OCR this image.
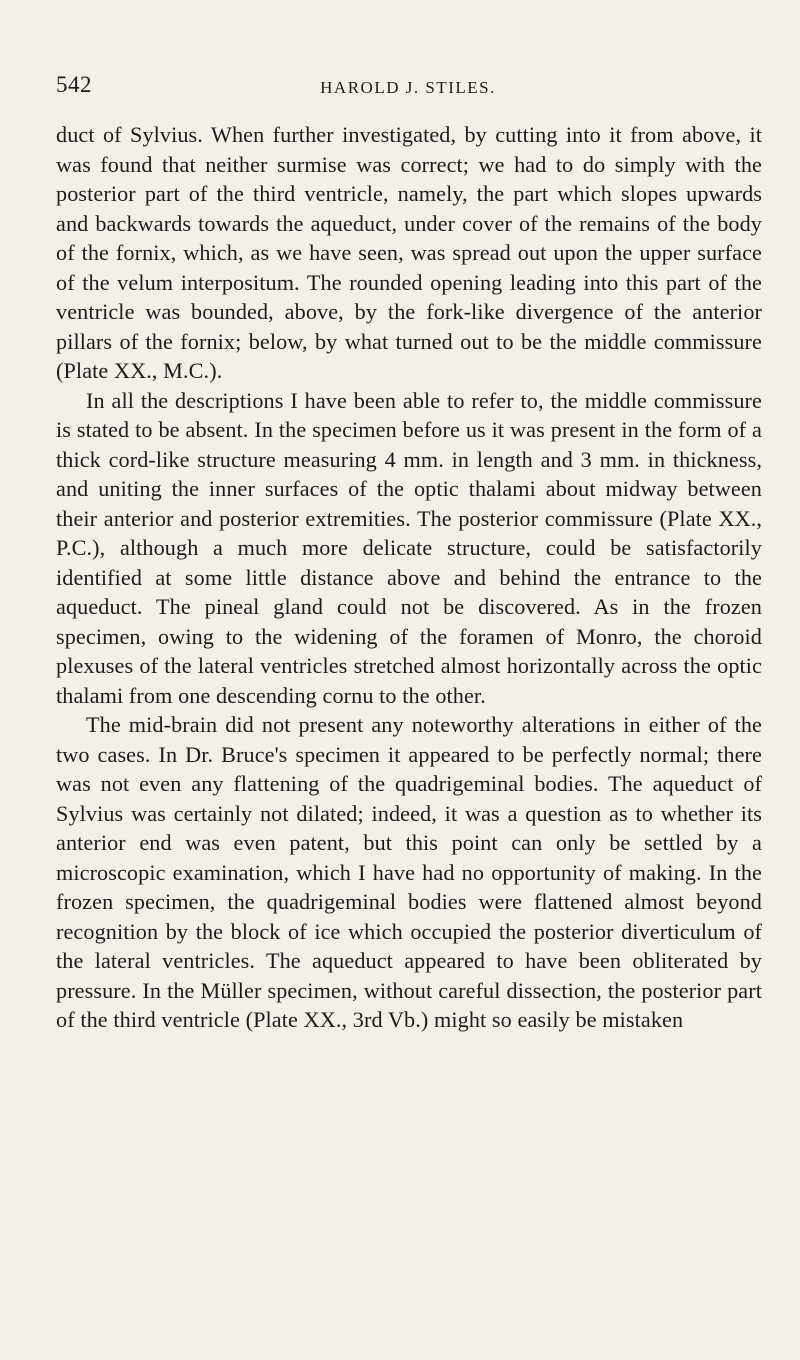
542	HAROLD J. STILES.

duct of Sylvius. When further investigated, by cutting into it from above, it was found that neither surmise was correct; we had to do simply with the posterior part of the third ventricle, namely, the part which slopes upwards and backwards towards the aqueduct, under cover of the remains of the body of the fornix, which, as we have seen, was spread out upon the upper surface of the velum interpositum. The rounded opening leading into this part of the ventricle was bounded, above, by the fork-like divergence of the anterior pillars of the fornix; below, by what turned out to be the middle commissure (Plate XX., M.C.).

In all the descriptions I have been able to refer to, the middle commissure is stated to be absent. In the specimen before us it was present in the form of a thick cord-like structure measuring 4 mm. in length and 3 mm. in thickness, and uniting the inner surfaces of the optic thalami about midway between their anterior and posterior extremities. The posterior commissure (Plate XX., P.C.), although a much more delicate structure, could be satisfactorily identified at some little distance above and behind the entrance to the aqueduct. The pineal gland could not be discovered. As in the frozen specimen, owing to the widening of the foramen of Monro, the choroid plexuses of the lateral ventricles stretched almost horizontally across the optic thalami from one descending cornu to the other.

The mid-brain did not present any noteworthy alterations in either of the two cases. In Dr. Bruce's specimen it appeared to be perfectly normal; there was not even any flattening of the quadrigeminal bodies. The aqueduct of Sylvius was certainly not dilated; indeed, it was a question as to whether its anterior end was even patent, but this point can only be settled by a microscopic examination, which I have had no opportunity of making. In the frozen specimen, the quadrigeminal bodies were flattened almost beyond recognition by the block of ice which occupied the posterior diverticulum of the lateral ventricles. The aqueduct appeared to have been obliterated by pressure. In the Müller specimen, without careful dissection, the posterior part of the third ventricle (Plate XX., 3rd Vb.) might so easily be mistaken
